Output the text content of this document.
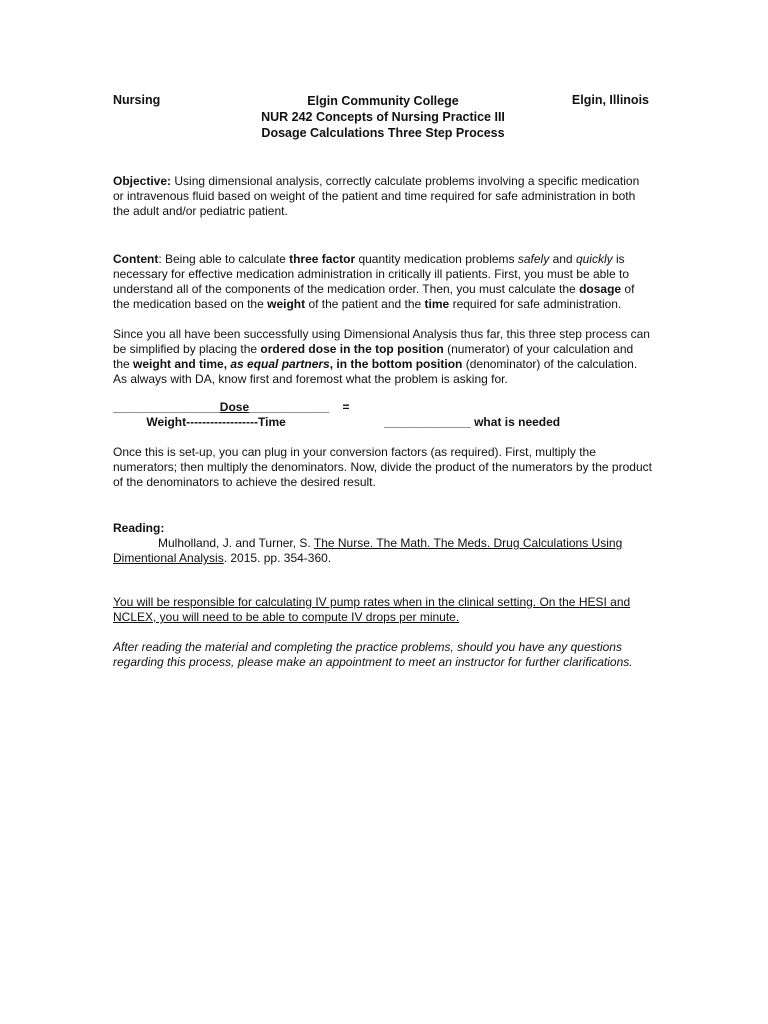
Nursing	Elgin Community College
NUR 242 Concepts of Nursing Practice III
Dosage Calculations Three Step Process
Elgin, Illinois

Objective: Using dimensional analysis, correctly calculate problems involving a specific medication or intravenous fluid based on weight of the patient and time required for safe administration in both the adult and/or pediatric patient.

Content: Being able to calculate three factor quantity medication problems safely and quickly is necessary for effective medication administration in critically ill patients. First, you must be able to understand all of the components of the medication order. Then, you must calculate the dosage of the medication based on the weight of the patient and the time required for safe administration.

Since you all have been successfully using Dimensional Analysis thus far, this three step process can be simplified by placing the ordered dose in the top position (numerator) of your calculation and the weight and time, as equal partners, in the bottom position (denominator) of the calculation. As always with DA, know first and foremost what the problem is asking for.

________________Dose____________    =
Weight------------------Time	_____________ what is needed

Once this is set-up, you can plug in your conversion factors (as required). First, multiply the numerators; then multiply the denominators. Now, divide the product of the numerators by the product of the denominators to achieve the desired result.

Reading:
Mulholland, J. and Turner, S. The Nurse. The Math. The Meds. Drug Calculations Using Dimentional Analysis. 2015. pp. 354-360.

You will be responsible for calculating IV pump rates when in the clinical setting. On the HESI and NCLEX, you will need to be able to compute IV drops per minute.

After reading the material and completing the practice problems, should you have any questions regarding this process, please make an appointment to meet an instructor for further clarifications.
